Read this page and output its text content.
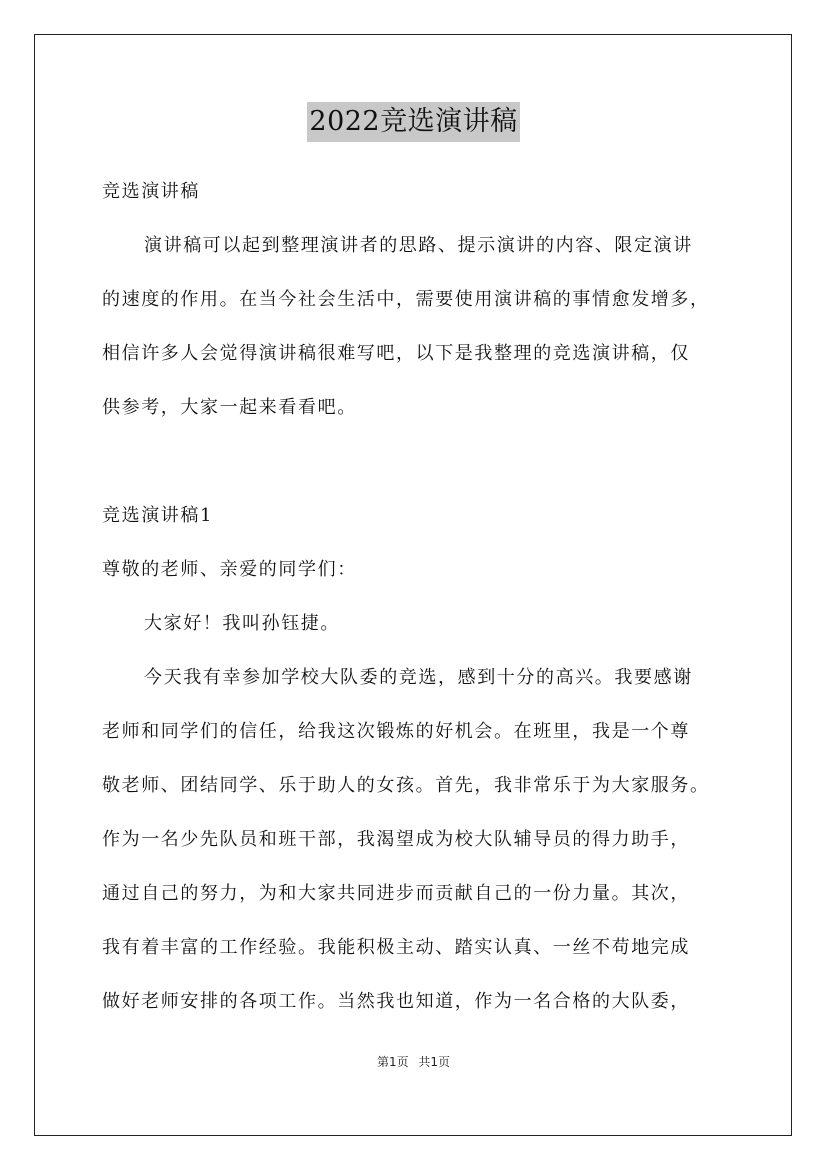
2022竞选演讲稿
竞选演讲稿
演讲稿可以起到整理演讲者的思路、提示演讲的内容、限定演讲
的速度的作用。在当今社会生活中，需要使用演讲稿的事情愈发增多，
相信许多人会觉得演讲稿很难写吧，以下是我整理的竞选演讲稿，仅
供参考，大家一起来看看吧。
竞选演讲稿1
尊敬的老师、亲爱的同学们：
大家好！我叫孙钰捷。
今天我有幸参加学校大队委的竞选，感到十分的高兴。我要感谢
老师和同学们的信任，给我这次锻炼的好机会。在班里，我是一个尊
敬老师、团结同学、乐于助人的女孩。首先，我非常乐于为大家服务。
作为一名少先队员和班干部，我渴望成为校大队辅导员的得力助手，
通过自己的努力，为和大家共同进步而贡献自己的一份力量。其次，
我有着丰富的工作经验。我能积极主动、踏实认真、一丝不苟地完成
做好老师安排的各项工作。当然我也知道，作为一名合格的大队委，
第1页 共1页
